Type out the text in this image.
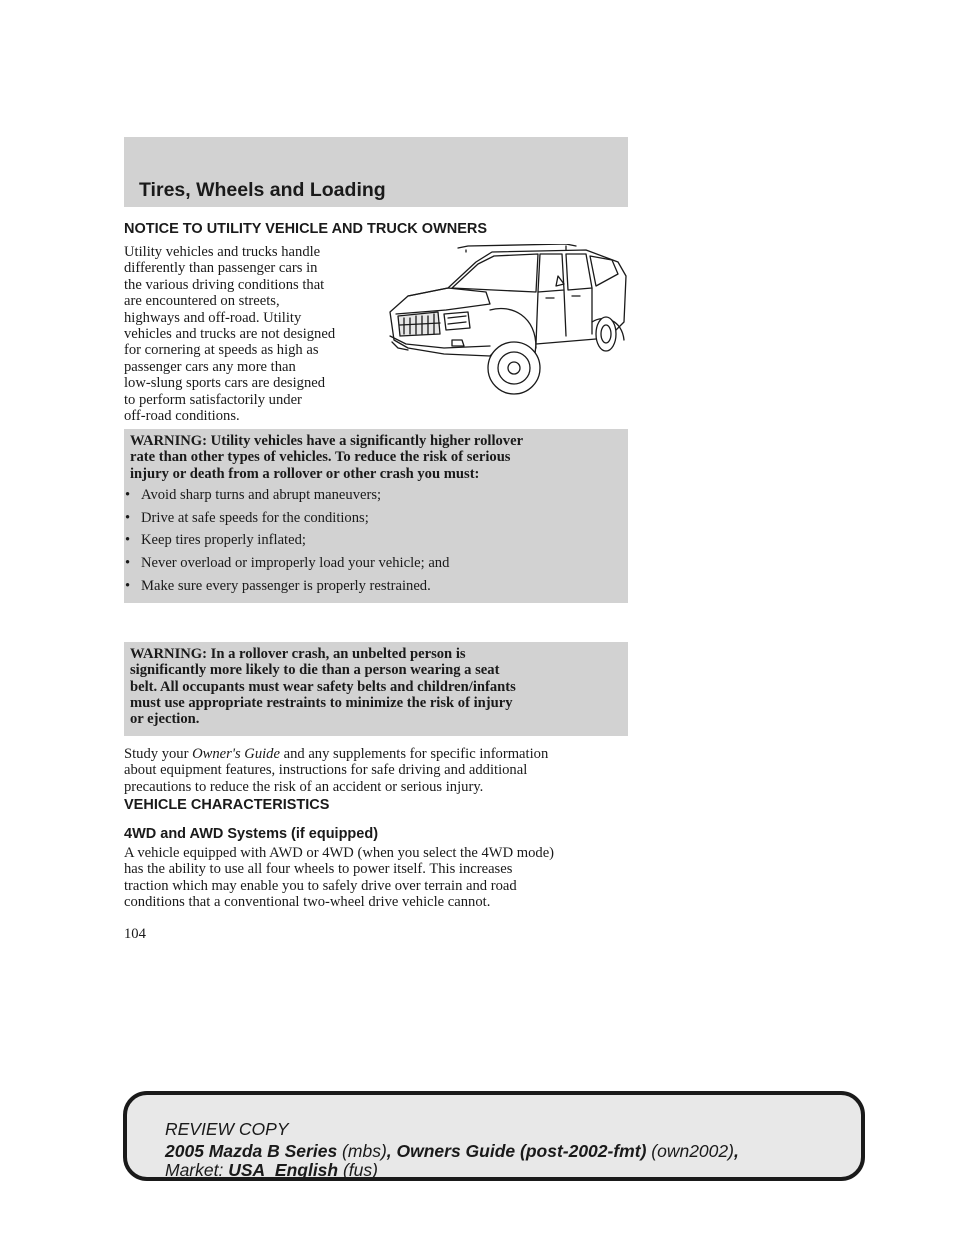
Tires, Wheels and Loading
NOTICE TO UTILITY VEHICLE AND TRUCK OWNERS

Utility vehicles and trucks handle
differently than passenger cars in
the various driving conditions that
are encountered on streets,
highways and off-road. Utility
vehicles and trucks are not designed
for cornering at speeds as high as
passenger cars any more than
low-slung sports cars are designed
to perform satisfactorily under
off-road conditions.

WARNING: Utility vehicles have a significantly higher rollover
rate than other types of vehicles. To reduce the risk of serious
injury or death from a rollover or other crash you must:

• Avoid sharp turns and abrupt maneuvers;
• Drive at safe speeds for the conditions;
• Keep tires properly inflated;
• Never overload or improperly load your vehicle; and
• Make sure every passenger is properly restrained.

WARNING: In a rollover crash, an unbelted person is
significantly more likely to die than a person wearing a seat
belt. All occupants must wear safety belts and children/infants
must use appropriate restraints to minimize the risk of injury
or ejection.

Study your Owner's Guide and any supplements for specific information
about equipment features, instructions for safe driving and additional
precautions to reduce the risk of an accident or serious injury.

VEHICLE CHARACTERISTICS
4WD and AWD Systems (if equipped)

A vehicle equipped with AWD or 4WD (when you select the 4WD mode)
has the ability to use all four wheels to power itself. This increases
traction which may enable you to safely drive over terrain and road
conditions that a conventional two-wheel drive vehicle cannot.

104

REVIEW COPY
2005 Mazda B Series (mbs), Owners Guide (post-2002-fmt) (own2002),
Market: USA_English (fus)
